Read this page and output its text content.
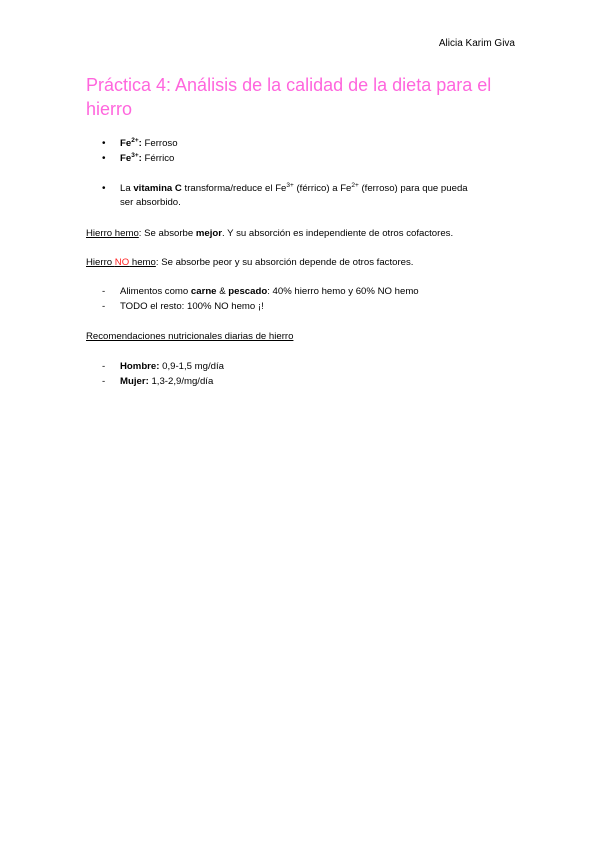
Alicia Karim Giva
Práctica 4: Análisis de la calidad de la dieta para el hierro
• $Fe^{2+}$: Ferroso
• $Fe^{3+}$: Férrico
• La vitamina C transforma/reduce el $Fe^{3+}$ (férrico) a $Fe^{2+}$ (ferroso) para que pueda
ser absorbido.
Hierro hemo: Se absorbe mejor. Y su absorción es independiente de otros cofactores.
Hierro NO hemo: Se absorbe peor y su absorción depende de otros factores.
- Alimentos como carne & pescado: 40% hierro hemo y 60% NO hemo
- TODO el resto: 100% NO hemo ¡!
Recomendaciones nutricionales diarias de hierro
- Hombre: 0,9-1,5 mg/día
- Mujer: 1,3-2,9/mg/día
